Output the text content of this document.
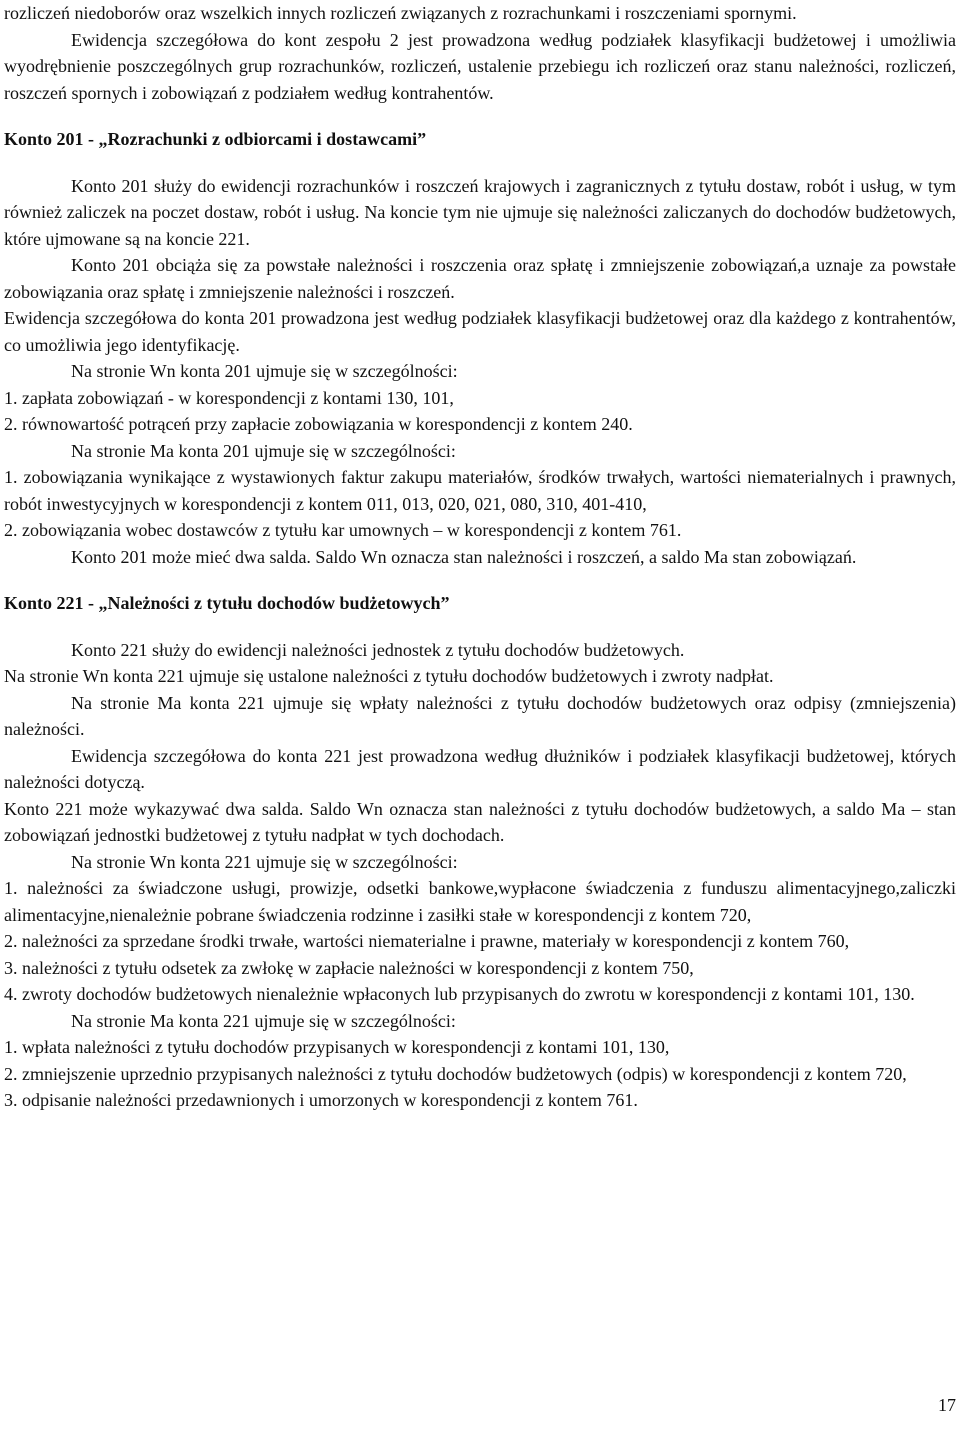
rozliczeń niedoborów oraz wszelkich innych rozliczeń związanych z rozrachunkami i roszczeniami spornymi.

Ewidencja szczegółowa do kont zespołu 2 jest prowadzona według podziałek klasyfikacji budżetowej i umożliwia wyodrębnienie poszczególnych grup rozrachunków, rozliczeń, ustalenie przebiegu ich rozliczeń oraz stanu należności, rozliczeń, roszczeń spornych i zobowiązań z podziałem według kontrahentów.

Konto 201 - „Rozrachunki z odbiorcami i dostawcami”

Konto 201 służy do ewidencji rozrachunków i roszczeń krajowych i zagranicznych z tytułu dostaw, robót i usług, w tym również zaliczek na poczet dostaw, robót i usług. Na koncie tym nie ujmuje się należności zaliczanych do dochodów budżetowych, które ujmowane są na koncie 221.

Konto 201 obciąża się za powstałe należności i roszczenia oraz spłatę i zmniejszenie zobowiązań,a uznaje za powstałe zobowiązania oraz spłatę i zmniejszenie należności i roszczeń.

Ewidencja szczegółowa do konta 201 prowadzona jest według podziałek klasyfikacji budżetowej oraz dla każdego z kontrahentów, co umożliwia jego identyfikację.

Na stronie Wn konta 201 ujmuje się w szczególności:

1. zapłata zobowiązań - w korespondencji z kontami 130, 101,

2. równowartość potrąceń przy zapłacie zobowiązania w korespondencji z kontem 240.

Na stronie Ma konta 201 ujmuje się w szczególności:

1. zobowiązania wynikające z wystawionych faktur zakupu materiałów, środków trwałych, wartości niematerialnych i prawnych, robót inwestycyjnych w korespondencji z kontem 011, 013, 020, 021, 080, 310, 401-410,

2. zobowiązania wobec dostawców z tytułu kar umownych – w korespondencji z kontem 761.

Konto 201 może mieć dwa salda. Saldo Wn oznacza stan należności i roszczeń, a saldo Ma stan zobowiązań.

Konto 221 - „Należności z tytułu dochodów budżetowych”

Konto 221 służy do ewidencji należności jednostek z tytułu dochodów budżetowych.

Na stronie Wn konta 221 ujmuje się ustalone należności z tytułu dochodów budżetowych i zwroty nadpłat.

Na stronie Ma konta 221 ujmuje się wpłaty należności z tytułu dochodów budżetowych oraz odpisy (zmniejszenia) należności.

Ewidencja szczegółowa do konta 221 jest prowadzona według dłużników i podziałek klasyfikacji budżetowej, których należności dotyczą.

Konto 221 może wykazywać dwa salda. Saldo Wn oznacza stan należności z tytułu dochodów budżetowych, a saldo Ma – stan zobowiązań jednostki budżetowej z tytułu nadpłat w tych dochodach.

Na stronie Wn konta 221 ujmuje się w szczególności:

1. należności za świadczone usługi, prowizje, odsetki bankowe,wypłacone świadczenia z funduszu alimentacyjnego,zaliczki alimentacyjne,nienależnie pobrane świadczenia rodzinne i zasiłki stałe w korespondencji z kontem 720,

2. należności za sprzedane środki trwałe, wartości niematerialne i prawne, materiały w korespondencji z kontem 760,

3. należności z tytułu odsetek za zwłokę w zapłacie należności w korespondencji z kontem 750,

4. zwroty dochodów budżetowych nienależnie wpłaconych lub przypisanych do zwrotu w korespondencji z kontami 101, 130.

Na stronie Ma konta 221 ujmuje się w szczególności:

1. wpłata należności z tytułu dochodów przypisanych w korespondencji z kontami 101, 130,

2. zmniejszenie uprzednio przypisanych należności z tytułu dochodów budżetowych (odpis) w korespondencji z kontem 720,

3. odpisanie należności przedawnionych i umorzonych w korespondencji z kontem 761.

17
